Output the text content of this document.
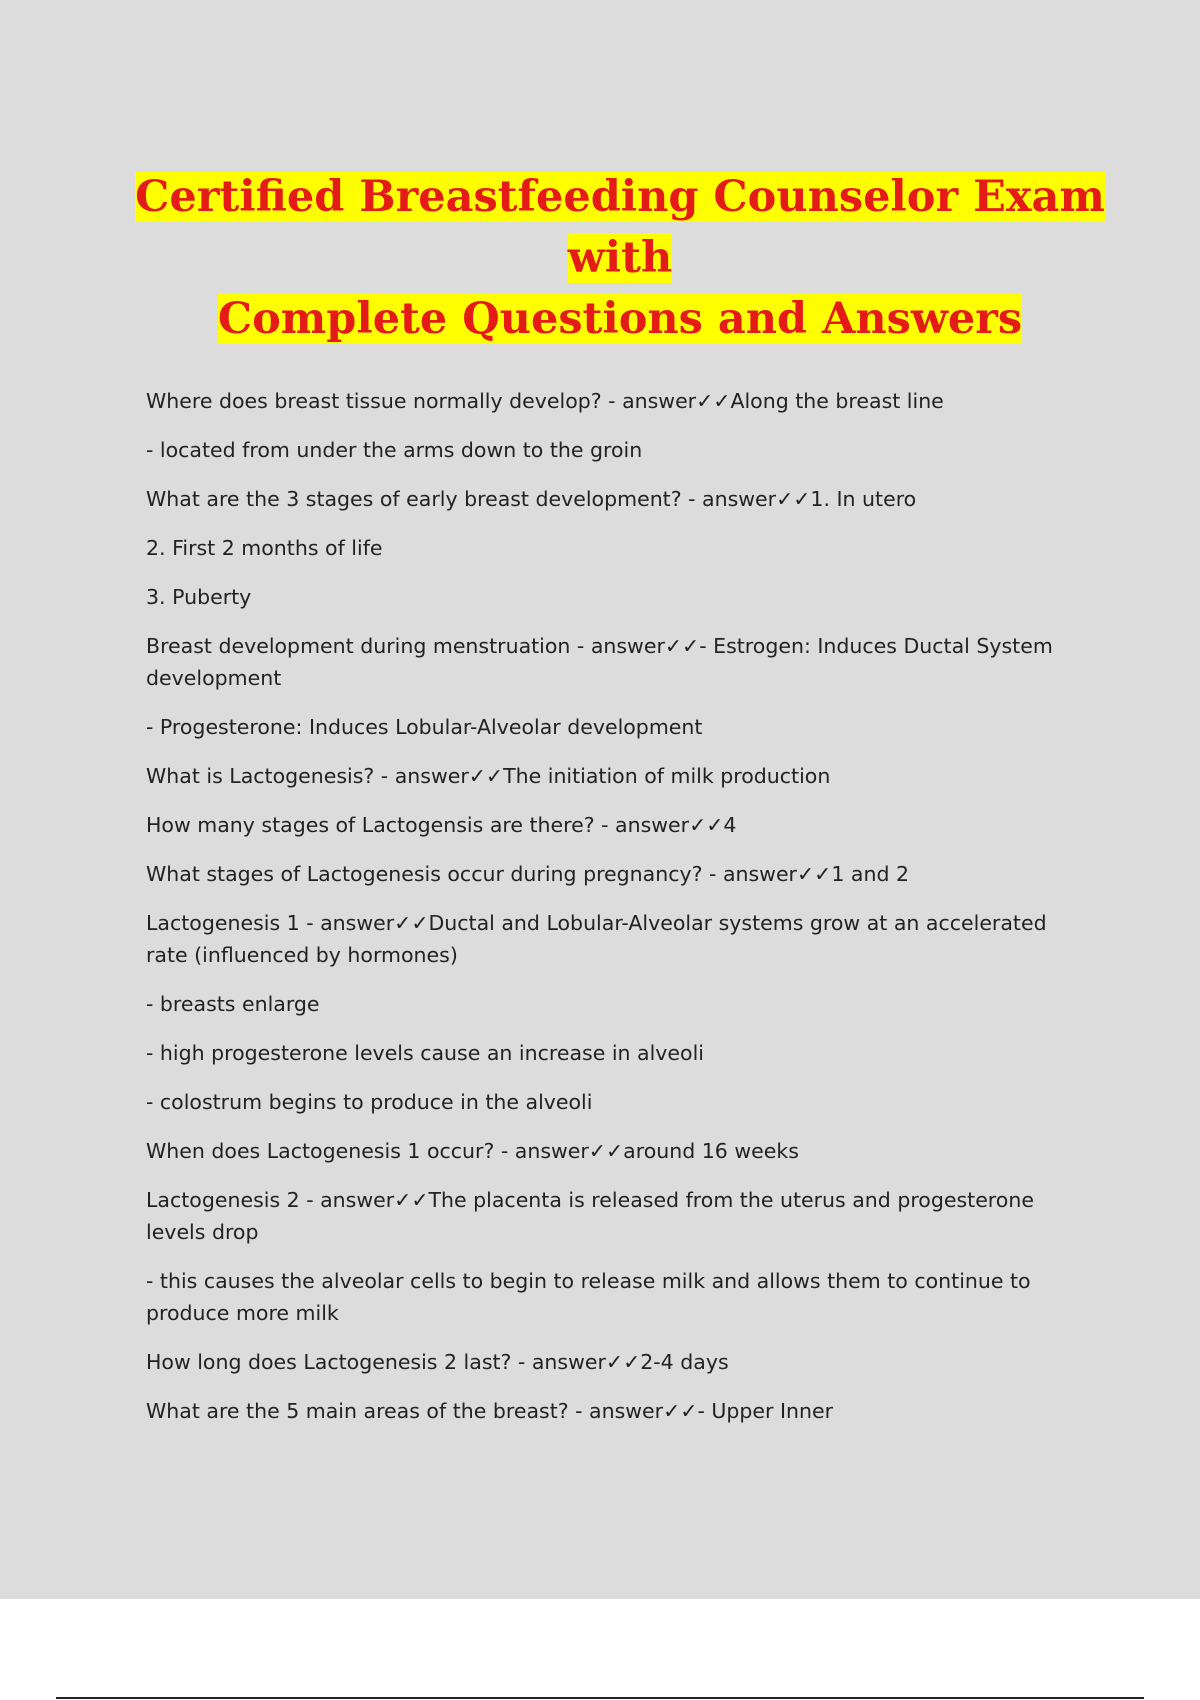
Certified Breastfeeding Counselor Exam with
Complete Questions and Answers

Where does breast tissue normally develop? - answer✓✓Along the breast line

- located from under the arms down to the groin

What are the 3 stages of early breast development? - answer✓✓1. In utero

2. First 2 months of life

3. Puberty

Breast development during menstruation - answer✓✓- Estrogen: Induces Ductal System development

- Progesterone: Induces Lobular-Alveolar development

What is Lactogenesis? - answer✓✓The initiation of milk production

How many stages of Lactogensis are there? - answer✓✓4

What stages of Lactogenesis occur during pregnancy? - answer✓✓1 and 2

Lactogenesis 1 - answer✓✓Ductal and Lobular-Alveolar systems grow at an accelerated rate (influenced by hormones)

- breasts enlarge

- high progesterone levels cause an increase in alveoli

- colostrum begins to produce in the alveoli

When does Lactogenesis 1 occur? - answer✓✓around 16 weeks

Lactogenesis 2 - answer✓✓The placenta is released from the uterus and progesterone levels drop

- this causes the alveolar cells to begin to release milk and allows them to continue to produce more milk

How long does Lactogenesis 2 last? - answer✓✓2-4 days

What are the 5 main areas of the breast? - answer✓✓- Upper Inner
